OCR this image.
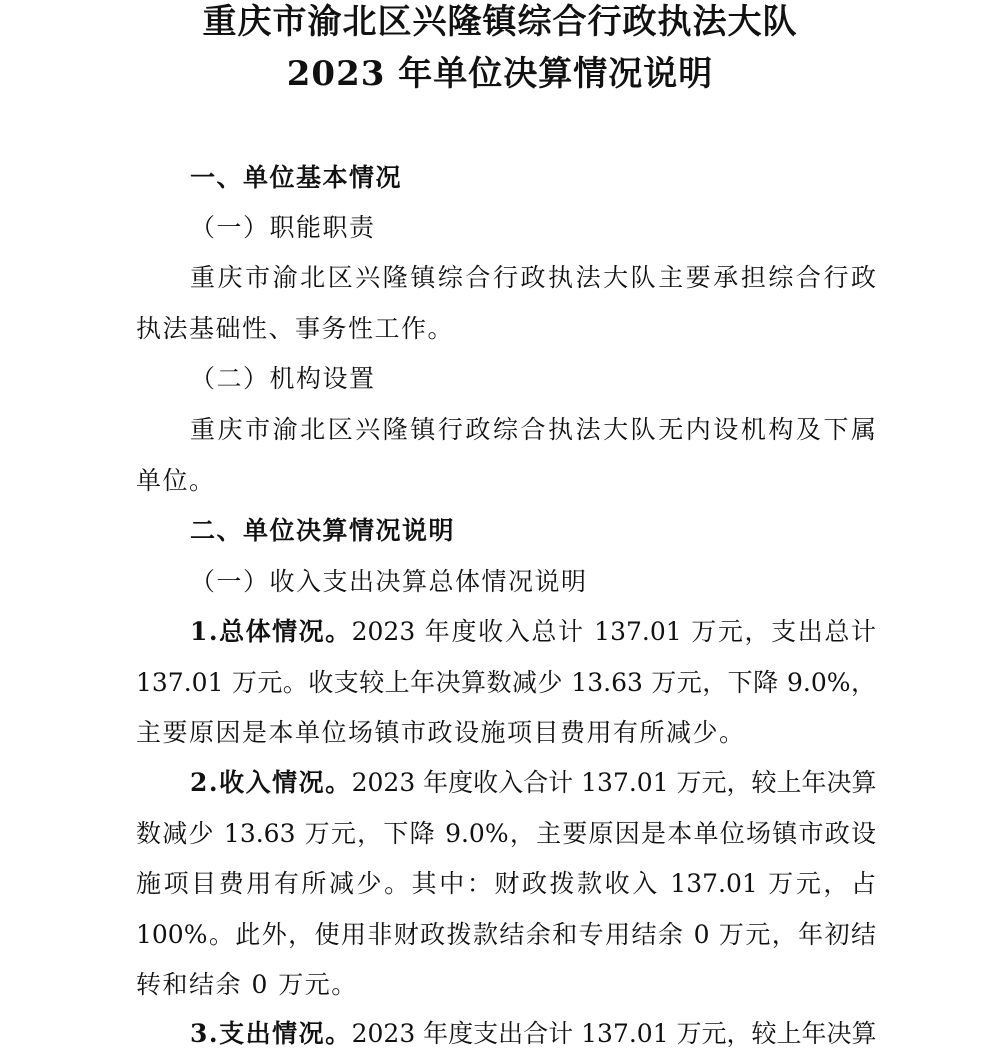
重庆市渝北区兴隆镇综合行政执法大队
2023 年单位决算情况说明

一、单位基本情况

（一）职能职责

重庆市渝北区兴隆镇综合行政执法大队主要承担综合行政

执法基础性、事务性工作。

（二）机构设置

重庆市渝北区兴隆镇行政综合执法大队无内设机构及下属

单位。

二、单位决算情况说明

（一）收入支出决算总体情况说明

1.总体情况。 2023 年度收入总计 137.01 万元，支出总计

137.01 万元。收支较上年决算数减少 13.63 万元，下降 9.0%，

主要原因是本单位场镇市政设施项目费用有所减少。

2.收入情况。 2023 年度收入合计 137.01 万元，较上年决算

数减少 13.63 万元，下降 9.0%，主要原因是本单位场镇市政设

施项目费用有所减少。其中：财政拨款收入 137.01 万元，占

100%。此外，使用非财政拨款结余和专用结余 0 万元，年初结

转和结余 0 万元。

3.支出情况。 2023 年度支出合计 137.01 万元，较上年决算
